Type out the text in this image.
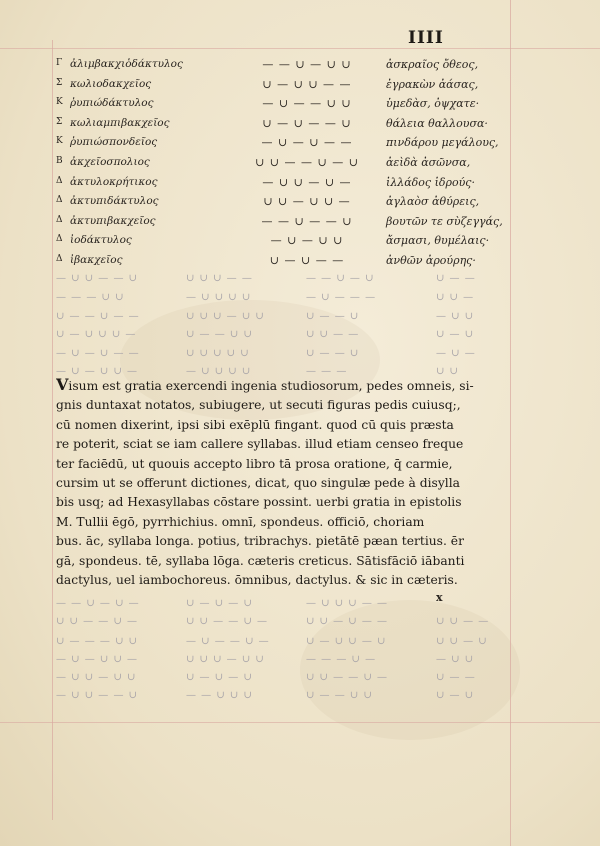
IIII
Γ ἀλιμβακχιὁδάκτυλος	— — ∪ — ∪ ∪	ἀσκραῖος ὄθεος,
Σ κωλιοδακχεῖος	∪ — ∪ ∪ — —	ἐγρακὼν ἀάσας,
Κ ῥυπιώδάκτυλος	— ∪ — — ∪ ∪	ὑμεδὰσ, ὀψχατε·
Σ κωλιαμπιβακχεῖος	∪ — ∪ — — ∪	θάλεια θαλλουσα·
Κ ῥυπιώσπονδεῖος	— ∪ — ∪ — —	πινδάρου μεγάλους,
Β ἀκχεῖοσπολιος	∪ ∪ — — ∪ — ∪	ἀεὶδὰ ἀσῶνσα,
Δ ἀκτυλοκρήτικος	— ∪ ∪ — ∪ —	ἰλλάδος ἰδρούς·
Δ ἀκτυπιδάκτυλος	∪ ∪ — ∪ ∪ —	ἀγλαὸσ ἀθύρεις,
Δ ἀκτυπιβακχεῖος	— — ∪ — — ∪	βουτῶν τε σὺζεγγάς,
Δ ἰοδάκτυλος	— ∪ — ∪ ∪	ἄσμασι, θυμέλαις·
Δ ἰβακχεῖος	∪ — ∪ — —	ἀνθῶν ἀρούρης·
— ∪ ∪ — — ∪	∪ ∪ ∪ — —	— — ∪ — ∪	∪ — —
— — — ∪ ∪	— ∪ ∪ ∪ ∪	— ∪ — — —	∪ ∪ —
∪ — — ∪ — —	∪ ∪ ∪ — ∪ ∪	∪ — — ∪	— ∪ ∪
∪ — ∪ ∪ ∪ —	∪ — — ∪ ∪	∪ ∪ — —	∪ — ∪
— ∪ — ∪ — —	∪ ∪ ∪ ∪ ∪	∪ — — ∪	— ∪ —
— ∪ — ∪ ∪ —	— ∪ ∪ ∪ ∪	— — —	∪ ∪
Visum est gratia exercendi ingenia studiosorum, pedes omneis, si-
gnis duntaxat notatos, subiugere, ut secuti figuras pedis cuiusq;,
cū nomen dixerint, ipsi sibi exēplū fingant. quod cū quis præsta
re poterit, sciat se iam callere syllabas. illud etiam censeo freque
ter faciēdū, ut quouis accepto libro tā prosa oratione, q̄ carmie,
cursim ut se offerunt dictiones, dicat, quo singulæ pede à disylla
bis usq; ad Hexasyllabas cōstare possint. uerbi gratia in epistolis
M. Tullii ēgō, pyrrhichius. omnī, spondeus. officiō, choriam
bus. āc, syllaba longa. potius, tribrachys. pietātē pæan tertius. ēr
gā, spondeus. tē, syllaba lōga. cæteris creticus. Sātisfāciō iābanti
dactylus, uel iambochoreus. ōmnibus, dactylus. & sic in cæteris.
x
— — ∪ — ∪ —	∪ — ∪ — ∪	— ∪ ∪ ∪ — —
∪ ∪ — — ∪ —	∪ ∪ — — ∪ —	∪ ∪ — ∪ — —	∪ ∪ — —
∪ — — — ∪ ∪	— ∪ — — ∪ —	∪ — ∪ ∪ — ∪	∪ ∪ — ∪
— ∪ — ∪ ∪ —	∪ ∪ ∪ — ∪ ∪	— — — ∪ —	— ∪ ∪
— ∪ ∪ — ∪ ∪	∪ — ∪ — ∪	∪ ∪ — — ∪ —	∪ — —
— ∪ ∪ — — ∪	— — ∪ ∪ ∪	∪ — — ∪ ∪	∪ — ∪
